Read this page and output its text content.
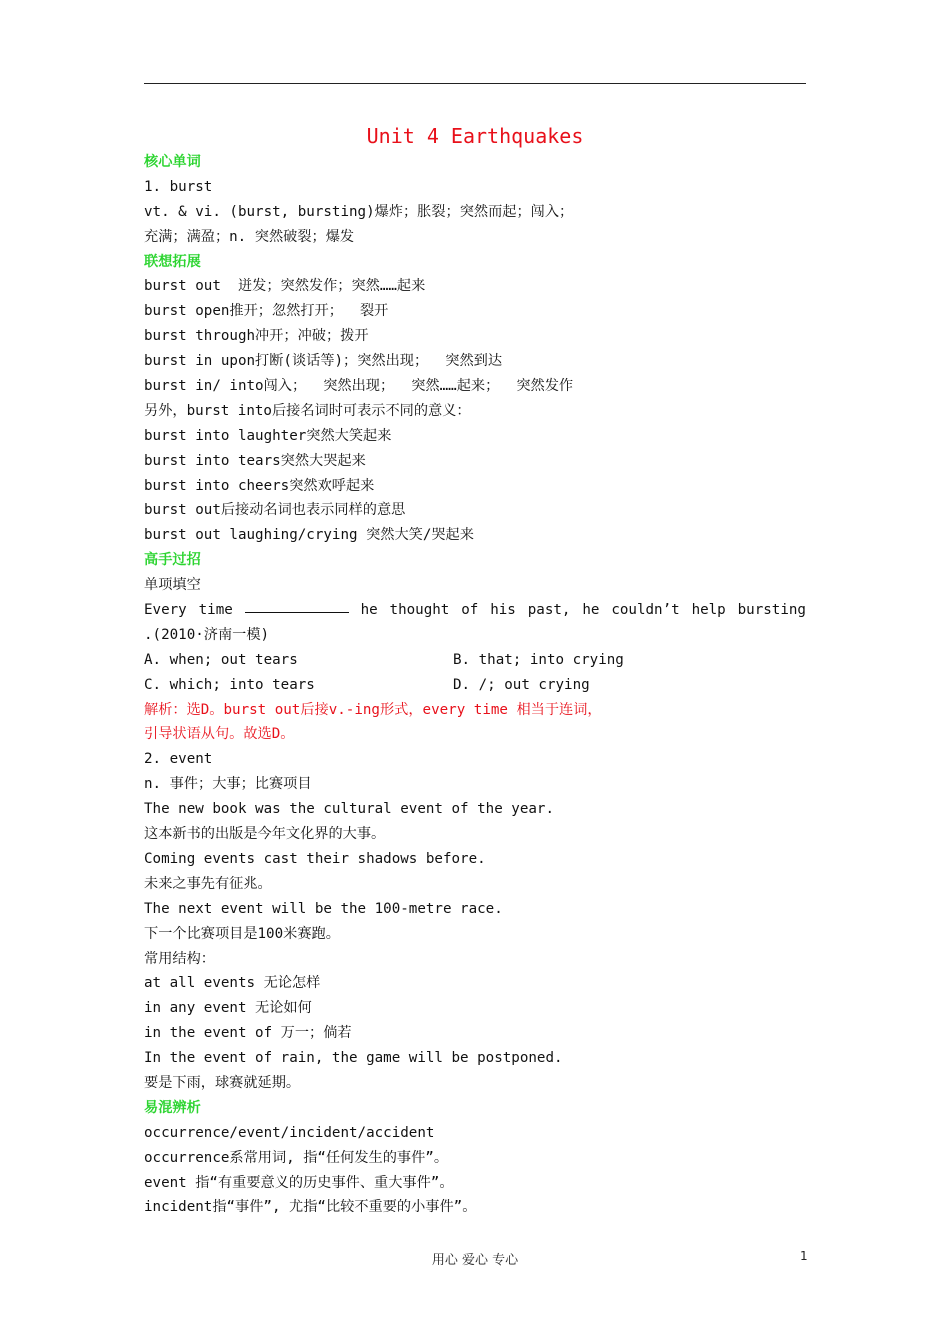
Unit 4 Earthquakes
核心单词
1. burst
vt. & vi. (burst, bursting)爆炸；胀裂；突然而起；闯入；
充满；满盈；n. 突然破裂；爆发
联想拓展
burst out  迸发；突然发作；突然……起来
burst open推开；忽然打开；  裂开
burst through冲开；冲破；拨开
burst in upon打断(谈话等)；突然出现；  突然到达
burst in/ into闯入；  突然出现；  突然……起来；  突然发作
另外，burst into后接名词时可表示不同的意义：
burst into laughter突然大笑起来
burst into tears突然大哭起来
burst into cheers突然欢呼起来
burst out后接动名词也表示同样的意思
burst out laughing/crying 突然大笑/哭起来
高手过招
单项填空
Every time	he thought of his past, he couldn’t help bursting
.(2010·济南一模)
A. when; out tears	B. that; into crying
C. which; into tears	D. /; out crying
解析：选D。burst out后接v.-ing形式，every time 相当于连词，
引导状语从句。故选D。
2. event
n. 事件；大事；比赛项目
The new book was the cultural event of the year.
这本新书的出版是今年文化界的大事。
Coming events cast their shadows before.
未来之事先有征兆。
The next event will be the 100-metre race.
下一个比赛项目是100米赛跑。
常用结构：
at all events 无论怎样
in any event 无论如何
in the event of 万一；倘若
In the event of rain, the game will be postponed.
要是下雨，球赛就延期。
易混辨析
occurrence/event/incident/accident
occurrence系常用词, 指“任何发生的事件”。
event 指“有重要意义的历史事件、重大事件”。
incident指“事件”, 尤指“比较不重要的小事件”。
用心 爱心 专心	1
